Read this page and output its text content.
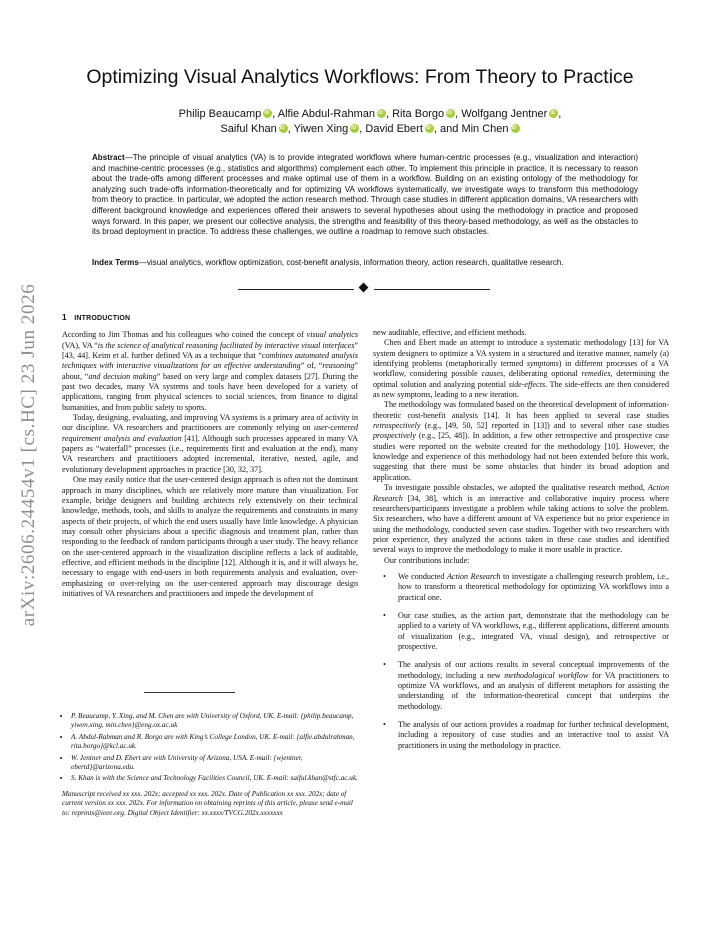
arXiv:2606.24454v1 [cs.HC] 23 Jun 2026
Optimizing Visual Analytics Workflows: From Theory to Practice
Philip Beaucamp iD , Alfie Abdul-Rahman iD , Rita Borgo iD , Wolfgang Jentner iD ,
Saiful Khan iD , Yiwen Xing iD , David Ebert iD , and Min CheniD
Abstract—The principle of visual analytics (VA) is to provide integrated workflows where human-centric processes (e.g., visualization and interaction) and machine-centric processes (e.g., statistics and algorithms) complement each other. To implement this principle in practice, it is necessary to reason about the trade-offs among different processes and make optimal use of them in a workflow. Building on an existing ontology of the methodology for analyzing such trade-offs information-theoretically and for optimizing VA workflows systematically, we investigate ways to transform this methodology from theory to practice. In particular, we adopted the action research method. Through case studies in different application domains, VA researchers with different background knowledge and experiences offered their answers to several hypotheses about using the methodology in practice and proposed ways forward. In this paper, we present our collective analysis, the strengths and feasibility of this theory-based methodology, as well as the obstacles to its broad deployment in practice. To address these challenges, we outline a roadmap to remove such obstacles.
Index Terms—visual analytics, workflow optimization, cost-benefit analysis, information theory, action research, qualitative research.
1 INTRODUCTION

According to Jim Thomas and his colleagues who coined the concept of visual analytics (VA), VA “is the science of analytical reasoning facilitated by interactive visual interfaces” [43, 44]. Keim et al. further defined VA as a technique that “combines automated analysis techniques with interactive visualizations for an effective understanding” of, “reasoning” about, “and decision making” based on very large and complex datasets [27]. During the past two decades, many VA systems and tools have been developed for a variety of applications, ranging from physical sciences to social sciences, from finance to digital humanities, and from public safety to sports.

Today, designing, evaluating, and improving VA systems is a primary area of activity in our discipline. VA researchers and practitioners are commonly relying on user-centered requirement analysis and evaluation [41]. Although such processes appeared in many VA papers as “waterfall” processes (i.e., requirements first and evaluation at the end), many VA researchers and practitioners adopted incremental, iterative, nested, agile, and evolutionary development approaches in practice [30, 32, 37].

One may easily notice that the user-centered design approach is often not the dominant approach in many disciplines, which are relatively more mature than visualization. For example, bridge designers and building architects rely extensively on their technical knowledge, methods, tools, and skills to analyze the requirements and constraints in many aspects of their projects, of which the end users usually have little knowledge. A physician may consult other physicians about a specific diagnosis and treatment plan, rather than responding to the feedback of random participants through a user study. The heavy reliance on the user-centered approach in the visualization discipline reflects a lack of auditable, effective, and efficient methods in the discipline [12]. Although it is, and it will always be, necessary to engage with end-users in both requirements analysis and evaluation, over-emphasizing or over-relying on the user-centered approach may discourage design initiatives of VA researchers and practitioners and impede the development of

• P. Beaucamp, Y. Xing, and M. Chen are with University of Oxford, UK. E-mail: {philip.beaucamp, yiwen.xing, min.chen}@eng.ox.ac.uk
• A. Abdul-Rahman and R. Borgo are with King’s College London, UK. E-mail: {alfie.abdulrahman, rita.borgo}@kcl.ac.uk.
• W. Jentner and D. Ebert are with University of Arizona, USA. E-mail: {wjentner, ebertd}@arizona.edu.
• S. Khan is with the Science and Technology Facilities Council, UK. E-mail: saiful.khan@stfc.ac.uk.
Manuscript received xx xxx. 202x; accepted xx xxx. 202x. Date of Publication xx xxx. 202x; date of current version xx xxx. 202x. For information on obtaining reprints of this article, please send e-mail to: reprints@ieee.org. Digital Object Identifier: xx.xxxx/TVCG.202x.xxxxxxx

new auditable, effective, and efficient methods.

Chen and Ebert made an attempt to introduce a systematic methodology [13] for VA system designers to optimize a VA system in a structured and iterative manner, namely (a) identifying problems (metaphorically termed symptoms) in different processes of a VA workflow, considering possible causes, deliberating optional remedies, determining the optimal solution and analyzing potential side-effects. The side-effects are then considered as new symptoms, leading to a new iteration.

The methodology was formulated based on the theoretical development of information-theoretic cost-benefit analysis [14]. It has been applied to several case studies retrospectively (e.g., [49, 50, 52] reported in [13]) and to several other case studies prospectively (e.g., [25, 48]). In addition, a few other retrospective and prospective case studies were reported on the website created for the methodology [10]. However, the knowledge and experience of this methodology had not been extended before this work, suggesting that there must be some obstacles that hinder its broad adoption and application.

To investigate possible obstacles, we adopted the qualitative research method, Action Research [34, 38], which is an interactive and collaborative inquiry process where researchers/participants investigate a problem while taking actions to solve the problem. Six researchers, who have a different amount of VA experience but no prior experience in using the methodology, conducted seven case studies. Together with two researchers with prior experience, they analyzed the actions taken in these case studies and identified several ways to improve the methodology to make it more usable in practice.

Our contributions include:

• We conducted Action Research to investigate a challenging research problem, i.e., how to transform a theoretical methodology for optimizing VA workflows into a practical one.
• Our case studies, as the action part, demonstrate that the methodology can be applied to a variety of VA workflows, e.g., different applications, different amounts of visualization (e.g., integrated VA, visual design), and retrospective or prospective.
• The analysis of our actions results in several conceptual improvements of the methodology, including a new methodological workflow for VA practitioners to optimize VA workflows, and an analysis of different metaphors for assisting the understanding of the information-theoretical concept that underpins the methodology.
• The analysis of our actions provides a roadmap for further technical development, including a repository of case studies and an interactive tool to assist VA practitioners in using the methodology in practice.
